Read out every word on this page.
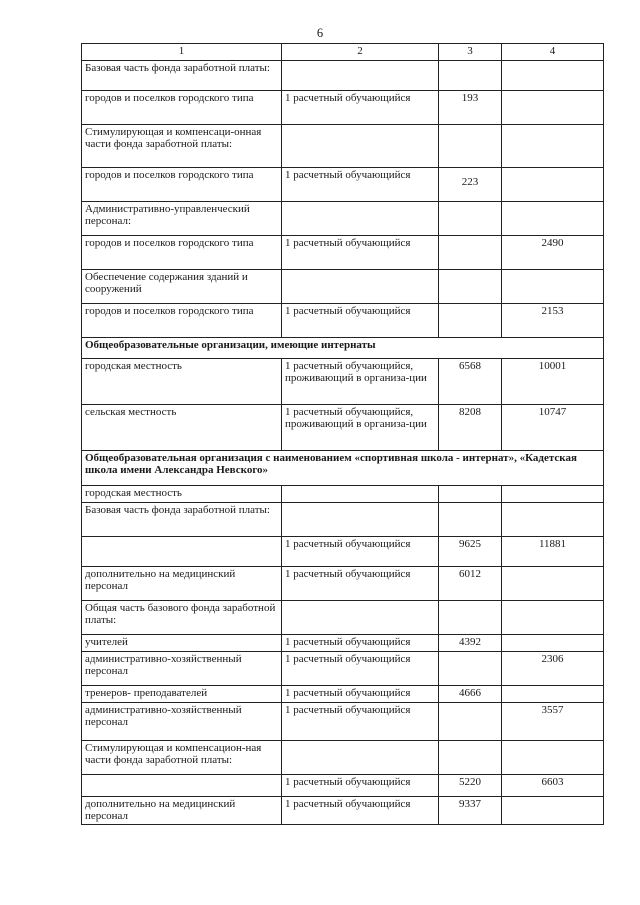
6
1	2	3	4
Базовая часть фонда заработной платы:			
городов и поселков городского типа	1 расчетный обучающийся	193	
Стимулирующая и компенсаци-онная части фонда заработной платы:			
городов и поселков городского типа	1 расчетный обучающийся	223	
Административно-управленческий персонал:			
городов и поселков городского типа	1 расчетный обучающийся		2490
Обеспечение содержания зданий и сооружений			
городов и поселков городского типа	1 расчетный обучающийся		2153
Общеобразовательные организации, имеющие интернаты			
городская местность	1 расчетный обучающийся, проживающий в организа-ции	6568	10001
сельская местность	1 расчетный обучающийся, проживающий в организа-ции	8208	10747
Общеобразовательная организация с наименованием «спортивная школа - интернат», «Кадетская школа имени Александра Невского»			
городская местность			
Базовая часть фонда заработной платы:			
	1 расчетный обучающийся	9625	11881
дополнительно на медицинский персонал	1 расчетный обучающийся	6012	
Общая часть базового фонда заработной платы:			
учителей	1 расчетный обучающийся	4392	
административно-хозяйственный персонал	1 расчетный обучающийся		2306
тренеров- преподавателей	1 расчетный обучающийся	4666	
административно-хозяйственный персонал	1 расчетный обучающийся		3557
Стимулирующая и компенсацион-ная части фонда заработной платы:			
	1 расчетный обучающийся	5220	6603
дополнительно на медицинский персонал	1 расчетный обучающийся	9337	
